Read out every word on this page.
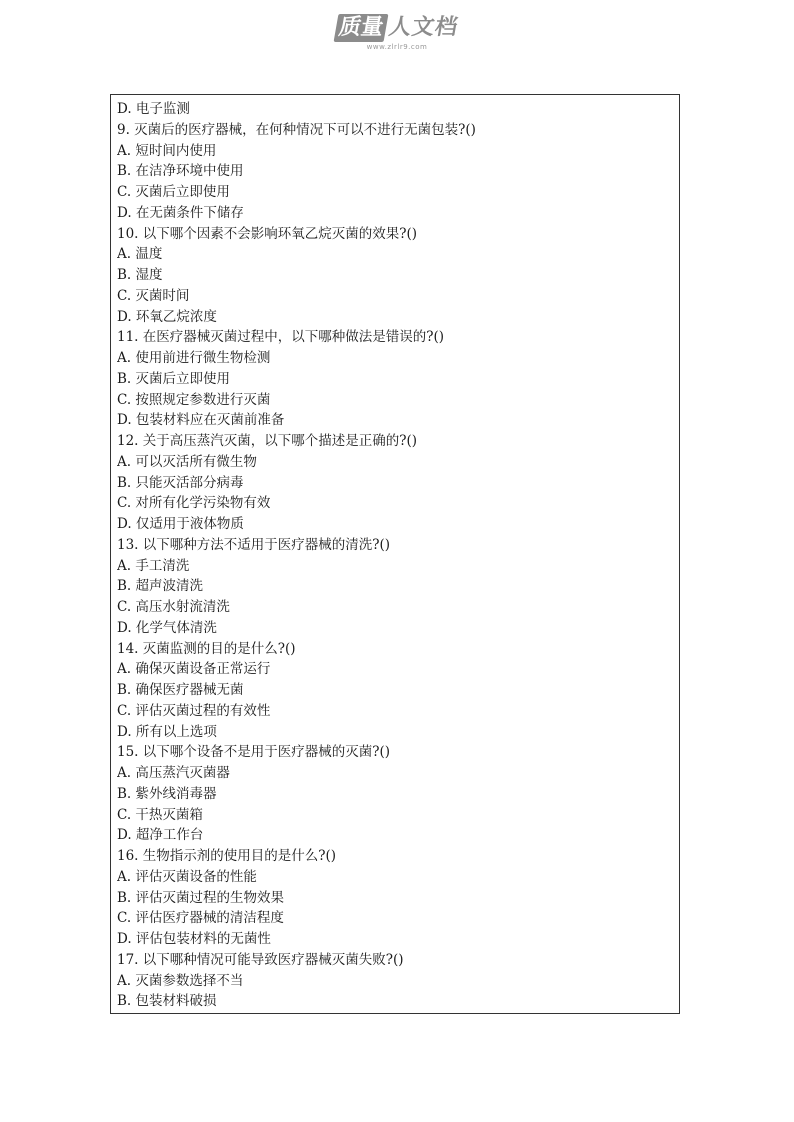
质量 人文档
www.zlrlr9.com
D. 电子监测
9. 灭菌后的医疗器械，在何种情况下可以不进行无菌包装?()
A. 短时间内使用
B. 在洁净环境中使用
C. 灭菌后立即使用
D. 在无菌条件下储存
10. 以下哪个因素不会影响环氧乙烷灭菌的效果?()
A. 温度
B. 湿度
C. 灭菌时间
D. 环氧乙烷浓度
11. 在医疗器械灭菌过程中，以下哪种做法是错误的?()
A. 使用前进行微生物检测
B. 灭菌后立即使用
C. 按照规定参数进行灭菌
D. 包装材料应在灭菌前准备
12. 关于高压蒸汽灭菌，以下哪个描述是正确的?()
A. 可以灭活所有微生物
B. 只能灭活部分病毒
C. 对所有化学污染物有效
D. 仅适用于液体物质
13. 以下哪种方法不适用于医疗器械的清洗?()
A. 手工清洗
B. 超声波清洗
C. 高压水射流清洗
D. 化学气体清洗
14. 灭菌监测的目的是什么?()
A. 确保灭菌设备正常运行
B. 确保医疗器械无菌
C. 评估灭菌过程的有效性
D. 所有以上选项
15. 以下哪个设备不是用于医疗器械的灭菌?()
A. 高压蒸汽灭菌器
B. 紫外线消毒器
C. 干热灭菌箱
D. 超净工作台
16. 生物指示剂的使用目的是什么?()
A. 评估灭菌设备的性能
B. 评估灭菌过程的生物效果
C. 评估医疗器械的清洁程度
D. 评估包装材料的无菌性
17. 以下哪种情况可能导致医疗器械灭菌失败?()
A. 灭菌参数选择不当
B. 包装材料破损
